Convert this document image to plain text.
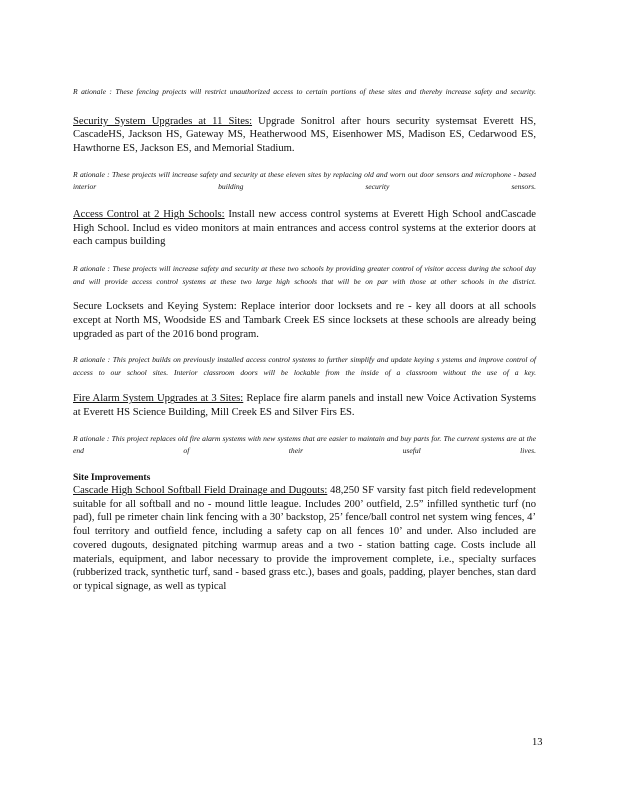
R ationale : These fencing projects will restrict unauthorized access to certain portions of these sites and thereby increase safety and security.

Security System Upgrades at 11 Sites: Upgrade Sonitrol after hours security systemsat Everett HS, CascadeHS, Jackson HS, Gateway MS, Heatherwood MS, Eisenhower MS, Madison ES, Cedarwood ES, Hawthorne ES, Jackson ES, and Memorial Stadium.

R ationale : These projects will increase safety and security at these eleven sites by replacing old and worn out door sensors and microphone - based interior building security sensors.

Access Control at 2 High Schools: Install new access control systems at Everett High School andCascade High School. Includ es video monitors at main entrances and access control systems at the exterior doors at each campus building

R ationale : These projects will increase safety and security at these two schools by providing greater control of visitor access during the school day and will provide access control systems at these two large high schools that will be on par with those at other schools in the district.

Secure Locksets and Keying System: Replace interior door locksets and re - key all doors at all schools except at North MS, Woodside ES and Tambark Creek ES since locksets at these schools are already being upgraded as part of the 2016 bond program.

R ationale : This project builds on previously installed access control systems to further simplify and update keying s ystems and improve control of access to our school sites. Interior classroom doors will be lockable from the inside of a classroom without the use of a key.

Fire Alarm System Upgrades at 3 Sites: Replace fire alarm panels and install new Voice Activation Systems at Everett HS Science Building, Mill Creek ES and Silver Firs ES.

R ationale : This project replaces old fire alarm systems with new systems that are easier to maintain and buy parts for. The current systems are at the end of their useful lives.

Site Improvements

Cascade High School Softball Field Drainage and Dugouts: 48,250 SF varsity fast pitch field redevelopment suitable for all softball and no - mound little league. Includes 200’ outfield, 2.5” infilled synthetic turf (no pad), full pe rimeter chain link fencing with a 30’ backstop, 25’ fence/ball control net system wing fences, 4’ foul territory and outfield fence, including a safety cap on all fences 10’ and under. Also included are covered dugouts, designated pitching warmup areas and a two - station batting cage. Costs include all materials, equipment, and labor necessary to provide the improvement complete, i.e., specialty surfaces (rubberized track, synthetic turf, sand - based grass etc.), bases and goals, padding, player benches, stan dard or typical signage, as well as typical

13
